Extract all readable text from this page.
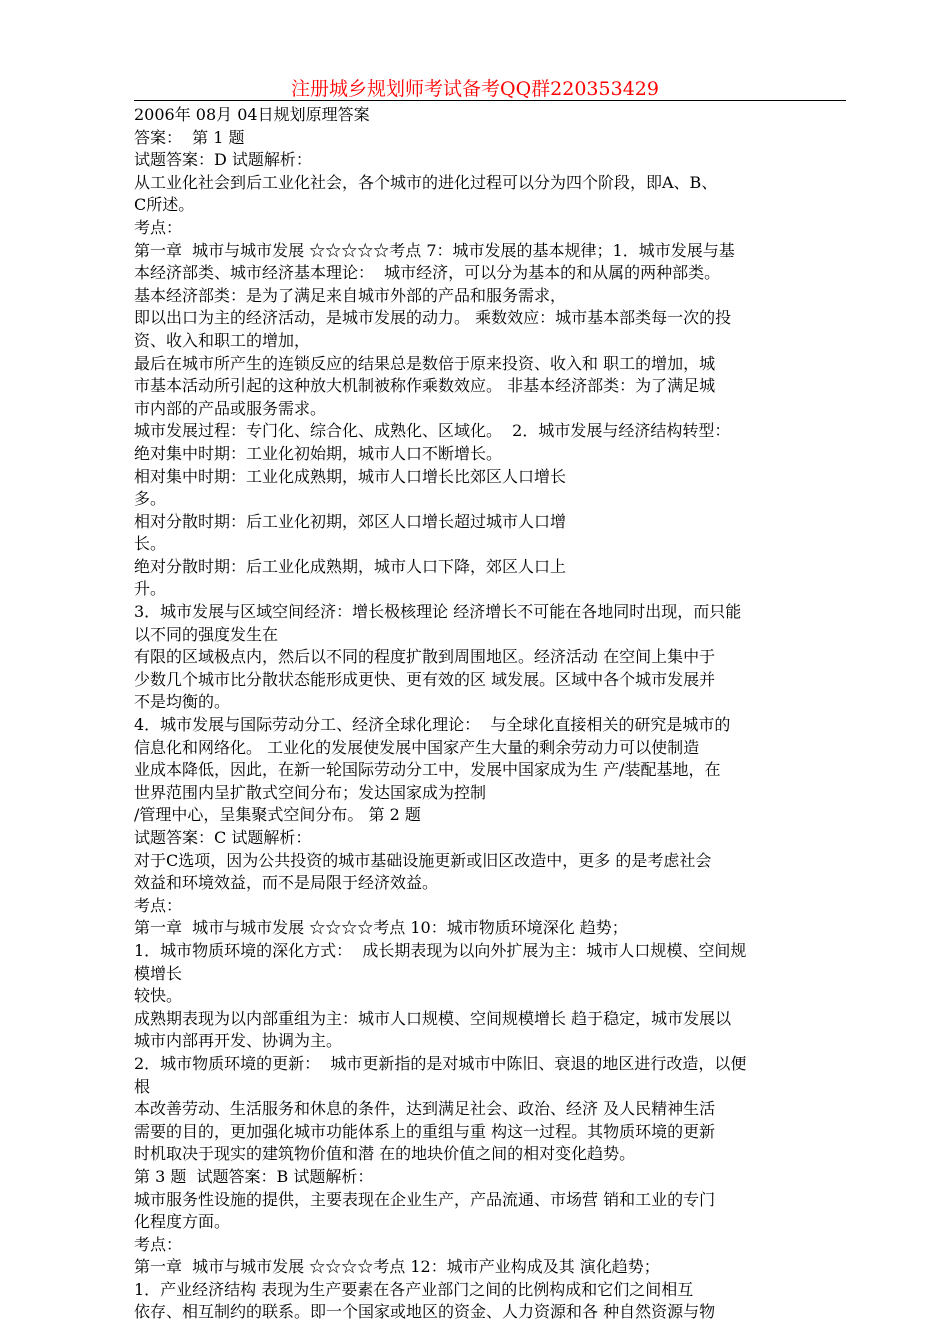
注册城乡规划师考试备考QQ群220353429
2006年 08月 04日规划原理答案
答案：  第 1 题
试题答案：D 试题解析：
从工业化社会到后工业化社会，各个城市的进化过程可以分为四个阶段，即A、B、
C所述。
考点：
第一章  城市与城市发展 ☆☆☆☆☆考点 7：城市发展的基本规律；1．城市发展与基
本经济部类、城市经济基本理论：  城市经济，可以分为基本的和从属的两种部类。
基本经济部类：是为了满足来自城市外部的产品和服务需求，
即以出口为主的经济活动，是城市发展的动力。 乘数效应：城市基本部类每一次的投
资、收入和职工的增加，
最后在城市所产生的连锁反应的结果总是数倍于原来投资、收入和 职工的增加，城
市基本活动所引起的这种放大机制被称作乘数效应。 非基本经济部类：为了满足城
市内部的产品或服务需求。
城市发展过程：专门化、综合化、成熟化、区域化。  2．城市发展与经济结构转型：
绝对集中时期：工业化初始期，城市人口不断增长。
相对集中时期：工业化成熟期，城市人口增长比郊区人口增长
多。
相对分散时期：后工业化初期，郊区人口增长超过城市人口增
长。
绝对分散时期：后工业化成熟期，城市人口下降，郊区人口上
升。
3．城市发展与区域空间经济：增长极核理论 经济增长不可能在各地同时出现，而只能
以不同的强度发生在
有限的区域极点内，然后以不同的程度扩散到周围地区。经济活动 在空间上集中于
少数几个城市比分散状态能形成更快、更有效的区 域发展。区域中各个城市发展并
不是均衡的。
4．城市发展与国际劳动分工、经济全球化理论：  与全球化直接相关的研究是城市的
信息化和网络化。 工业化的发展使发展中国家产生大量的剩余劳动力可以使制造
业成本降低，因此，在新一轮国际劳动分工中，发展中国家成为生 产/装配基地，在
世界范围内呈扩散式空间分布；发达国家成为控制
/管理中心，呈集聚式空间分布。 第 2 题
试题答案：C 试题解析：
对于C选项，因为公共投资的城市基础设施更新或旧区改造中，更多 的是考虑社会
效益和环境效益，而不是局限于经济效益。
考点：
第一章  城市与城市发展 ☆☆☆☆考点 10：城市物质环境深化 趋势；
1．城市物质环境的深化方式：  成长期表现为以向外扩展为主：城市人口规模、空间规
模增长
较快。
成熟期表现为以内部重组为主：城市人口规模、空间规模增长 趋于稳定，城市发展以
城市内部再开发、协调为主。
2．城市物质环境的更新：  城市更新指的是对城市中陈旧、衰退的地区进行改造，以便
根
本改善劳动、生活服务和休息的条件，达到满足社会、政治、经济 及人民精神生活
需要的目的，更加强化城市功能体系上的重组与重 构这一过程。其物质环境的更新
时机取决于现实的建筑物价值和潜 在的地块价值之间的相对变化趋势。
第 3 题  试题答案：B 试题解析：
城市服务性设施的提供，主要表现在企业生产，产品流通、市场营 销和工业的专门
化程度方面。
考点：
第一章  城市与城市发展 ☆☆☆☆考点 12：城市产业构成及其 演化趋势；
1．产业经济结构 表现为生产要素在各产业部门之间的比例构成和它们之间相互
依存、相互制约的联系。即一个国家或地区的资金、人力资源和各 种自然资源与物
